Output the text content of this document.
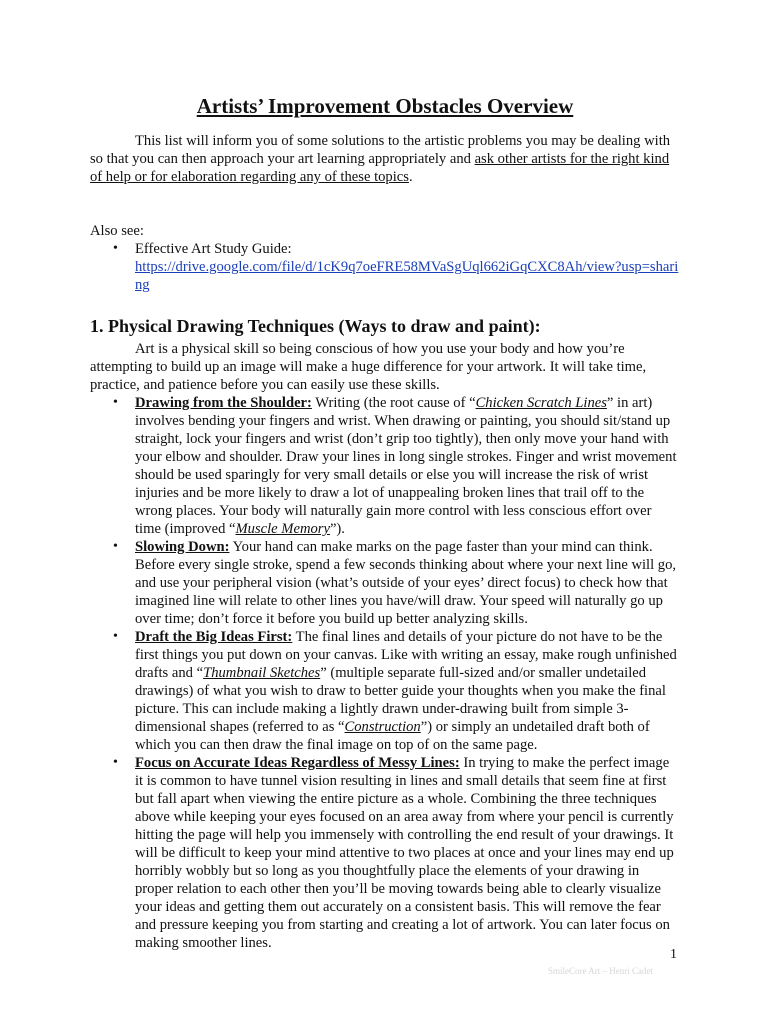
Artists’ Improvement Obstacles Overview

This list will inform you of some solutions to the artistic problems you may be dealing with so that you can then approach your art learning appropriately and ask other artists for the right kind of help or for elaboration regarding any of these topics.

Also see:

• Effective Art Study Guide:
https://drive.google.com/file/d/1cK9q7oeFRE58MVaSgUql662iGqCXC8Ah/view?usp=sharing
1. Physical Drawing Techniques (Ways to draw and paint):

Art is a physical skill so being conscious of how you use your body and how you’re attempting to build up an image will make a huge difference for your artwork. It will take time, practice, and patience before you can easily use these skills.

• Drawing from the Shoulder: Writing (the root cause of “Chicken Scratch Lines” in art) involves bending your fingers and wrist. When drawing or painting, you should sit/stand up straight, lock your fingers and wrist (don’t grip too tightly), then only move your hand with your elbow and shoulder. Draw your lines in long single strokes. Finger and wrist movement should be used sparingly for very small details or else you will increase the risk of wrist injuries and be more likely to draw a lot of unappealing broken lines that trail off to the wrong places. Your body will naturally gain more control with less conscious effort over time (improved “Muscle Memory”).
• Slowing Down: Your hand can make marks on the page faster than your mind can think. Before every single stroke, spend a few seconds thinking about where your next line will go, and use your peripheral vision (what’s outside of your eyes’ direct focus) to check how that imagined line will relate to other lines you have/will draw. Your speed will naturally go up over time; don’t force it before you build up better analyzing skills.
• Draft the Big Ideas First: The final lines and details of your picture do not have to be the first things you put down on your canvas. Like with writing an essay, make rough unfinished drafts and “Thumbnail Sketches” (multiple separate full-sized and/or smaller undetailed drawings) of what you wish to draw to better guide your thoughts when you make the final picture. This can include making a lightly drawn under-drawing built from simple 3-dimensional shapes (referred to as “Construction”) or simply an undetailed draft both of which you can then draw the final image on top of on the same page.
• Focus on Accurate Ideas Regardless of Messy Lines: In trying to make the perfect image it is common to have tunnel vision resulting in lines and small details that seem fine at first but fall apart when viewing the entire picture as a whole. Combining the three techniques above while keeping your eyes focused on an area away from where your pencil is currently hitting the page will help you immensely with controlling the end result of your drawings. It will be difficult to keep your mind attentive to two places at once and your lines may end up horribly wobbly but so long as you thoughtfully place the elements of your drawing in proper relation to each other then you’ll be moving towards being able to clearly visualize your ideas and getting them out accurately on a consistent basis. This will remove the fear and pressure keeping you from starting and creating a lot of artwork. You can later focus on making smoother lines.
1
SmileCore Art – Henri Cadet
